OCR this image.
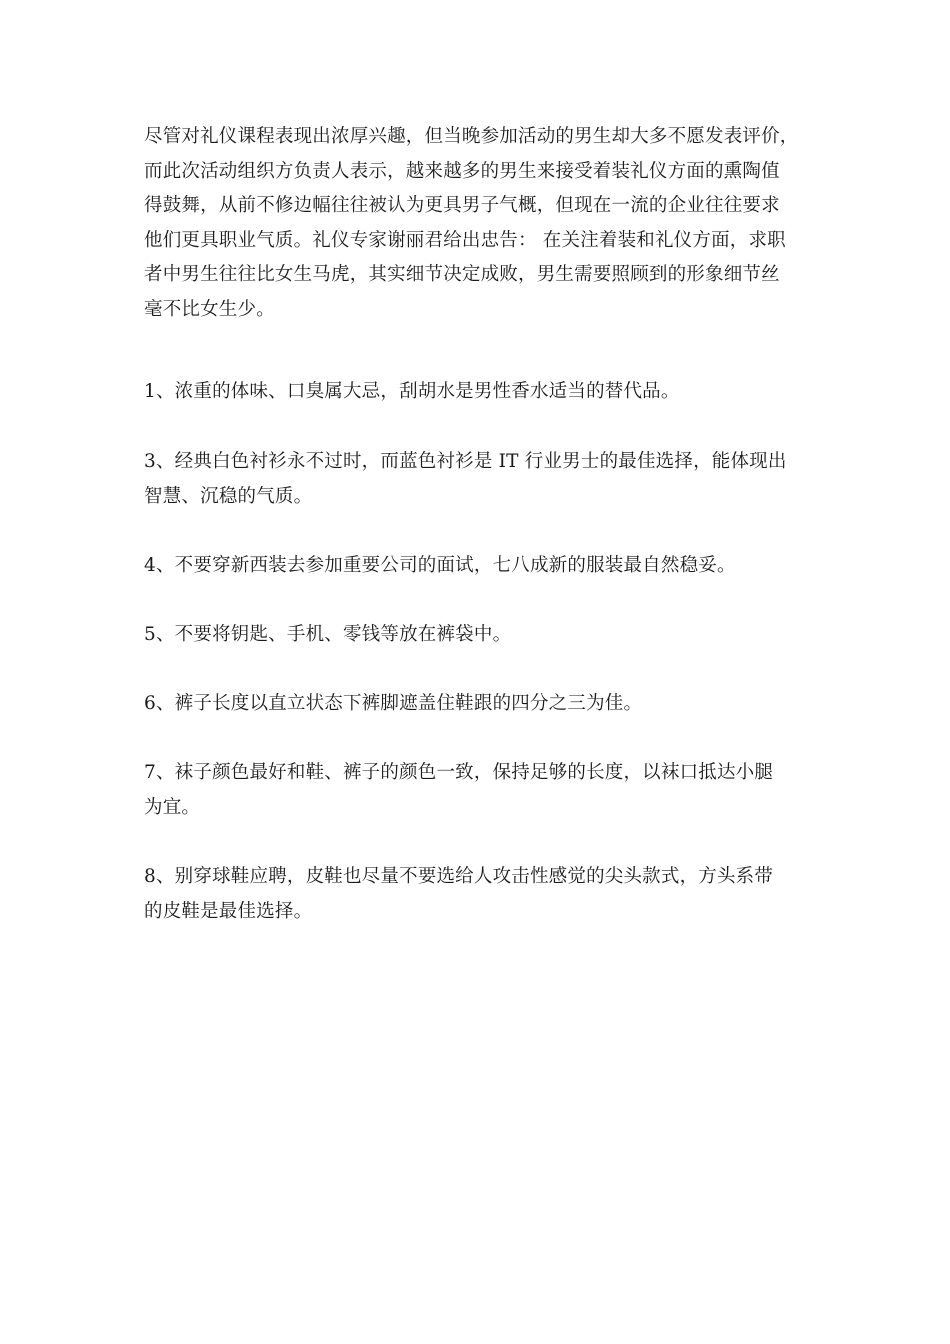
尽管对礼仪课程表现出浓厚兴趣，但当晚参加活动的男生却大多不愿发表评价，
而此次活动组织方负责人表示，越来越多的男生来接受着装礼仪方面的熏陶值
得鼓舞，从前不修边幅往往被认为更具男子气概，但现在一流的企业往往要求
他们更具职业气质。礼仪专家谢丽君给出忠告： 在关注着装和礼仪方面，求职
者中男生往往比女生马虎，其实细节决定成败，男生需要照顾到的形象细节丝
毫不比女生少。
1、浓重的体味、口臭属大忌，刮胡水是男性香水适当的替代品。
3、经典白色衬衫永不过时，而蓝色衬衫是 IT 行业男士的最佳选择，能体现出
智慧、沉稳的气质。
4、不要穿新西装去参加重要公司的面试，七八成新的服装最自然稳妥。
5、不要将钥匙、手机、零钱等放在裤袋中。
6、裤子长度以直立状态下裤脚遮盖住鞋跟的四分之三为佳。
7、袜子颜色最好和鞋、裤子的颜色一致，保持足够的长度，以袜口抵达小腿
为宜。
8、别穿球鞋应聘，皮鞋也尽量不要选给人攻击性感觉的尖头款式，方头系带
的皮鞋是最佳选择。
